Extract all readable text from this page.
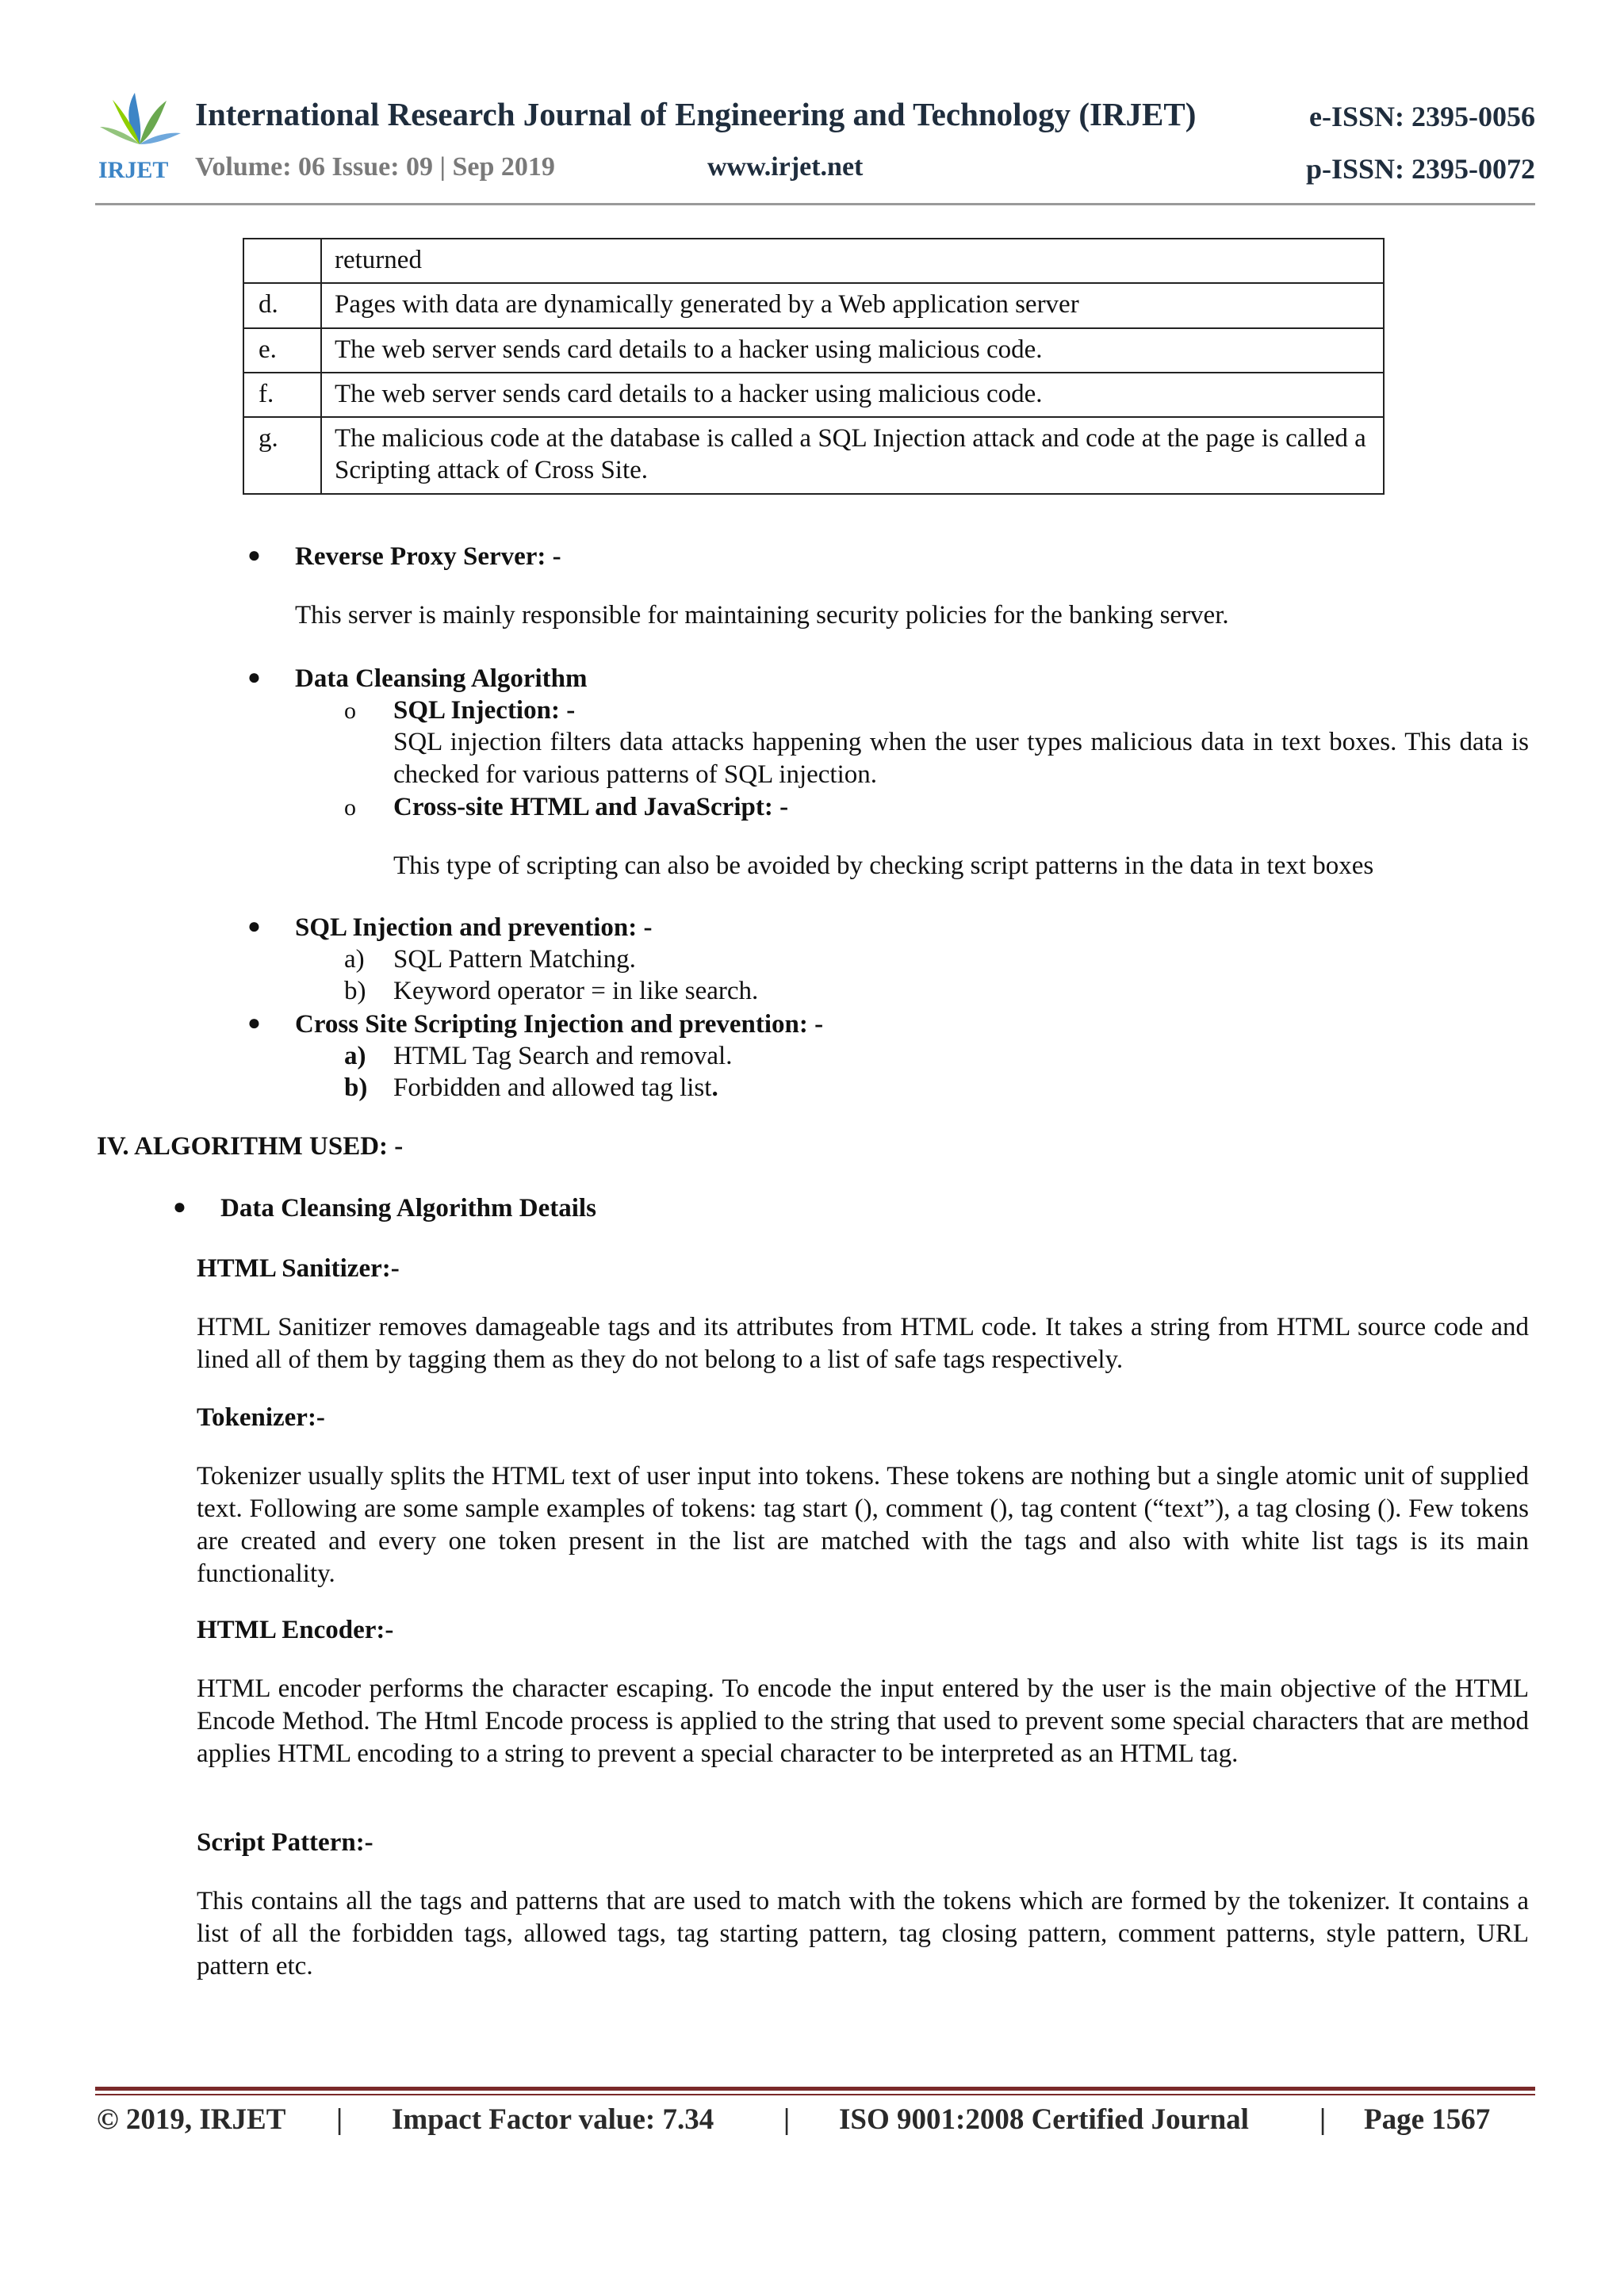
IRJET
International Research Journal of Engineering and Technology (IRJET)	e-ISSN: 2395-0056
Volume: 06 Issue: 09 | Sep 2019	www.irjet.net	p-ISSN: 2395-0072
	returned
d.	Pages with data are dynamically generated by a Web application server
e.	The web server sends card details to a hacker using malicious code.
f.	The web server sends card details to a hacker using malicious code.
g.	The malicious code at the database is called a SQL Injection attack and code at the page is called a Scripting attack of Cross Site.
● Reverse Proxy Server: -
This server is mainly responsible for maintaining security policies for the banking server.
● Data Cleansing Algorithm
o SQL Injection: -
SQL injection filters data attacks happening when the user types malicious data in text boxes. This data is checked for various patterns of SQL injection.
o Cross-site HTML and JavaScript: -
This type of scripting can also be avoided by checking script patterns in the data in text boxes
● SQL Injection and prevention: -
a) SQL Pattern Matching.
b) Keyword operator = in like search.
● Cross Site Scripting Injection and prevention: -
a) HTML Tag Search and removal.
b) Forbidden and allowed tag list.
IV. ALGORITHM USED: -
● Data Cleansing Algorithm Details
HTML Sanitizer:-
HTML Sanitizer removes damageable tags and its attributes from HTML code. It takes a string from HTML source code and lined all of them by tagging them as they do not belong to a list of safe tags respectively.
Tokenizer:-
Tokenizer usually splits the HTML text of user input into tokens. These tokens are nothing but a single atomic unit of supplied text. Following are some sample examples of tokens: tag start (), comment (), tag content (“text”), a tag closing (). Few tokens are created and every one token present in the list are matched with the tags and also with white list tags is its main functionality.
HTML Encoder:-
HTML encoder performs the character escaping. To encode the input entered by the user is the main objective of the HTML Encode Method. The Html Encode process is applied to the string that used to prevent some special characters that are method applies HTML encoding to a string to prevent a special character to be interpreted as an HTML tag.
Script Pattern:-
This contains all the tags and patterns that are used to match with the tokens which are formed by the tokenizer. It contains a list of all the forbidden tags, allowed tags, tag starting pattern, tag closing pattern, comment patterns, style pattern, URL pattern etc.
© 2019, IRJET | Impact Factor value: 7.34 | ISO 9001:2008 Certified Journal | Page 1567
